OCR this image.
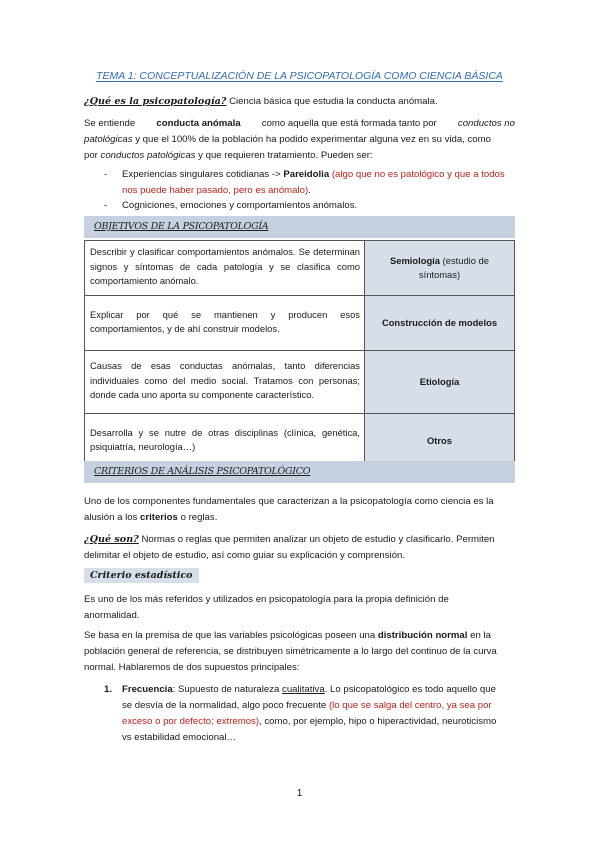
TEMA 1: CONCEPTUALIZACIÓN DE LA PSICOPATOLOGÍA COMO CIENCIA BÁSICA
¿Qué es la psicopatología? Ciencia básica que estudia la conducta anómala.
Se entiende conducta anómala como aquella que está formada tanto por conductos no
patológicas y que el 100% de la población ha podido experimentar alguna vez en su vida, como
por conductos patológicas y que requieren tratamiento. Pueden ser:
- Experiencias singulares cotidianas -> Pareidolia (algo que no es patológico y que a todos
nos puede haber pasado, pero es anómalo).
- Cogniciones, emociones y comportamientos anómalos.
OBJETIVOS DE LA PSICOPATOLOGÍA
Describir y clasificar comportamientos anómalos. Se determinan signos y síntomas de cada patología y se clasifica como comportamiento anómalo.	Semiología (estudio de síntomas)
Explicar por qué se mantienen y producen esos comportamientos, y de ahí construir modelos.	Construcción de modelos
Causas de esas conductas anómalas, tanto diferencias individuales como del medio social. Tratamos con personas; donde cada uno aporta su componente característico.	Etiología
Desarrolla y se nutre de otras disciplinas (clínica, genética, psiquiatría, neurología…)	Otros
CRITERIOS DE ANÁLISIS PSICOPATOLÓGICO
Uno de los componentes fundamentales que caracterizan a la psicopatología como ciencia es la
alusión a los criterios o reglas.
¿Qué son? Normas o reglas que permiten analizar un objeto de estudio y clasificarlo. Permiten
delimitar el objeto de estudio, así como guiar su explicación y comprensión.
Criterio estadístico
Es uno de los más referidos y utilizados en psicopatología para la propia definición de
anormalidad.
Se basa en la premisa de que las variables psicológicas poseen una distribución normal en la
población general de referencia, se distribuyen simétricamente a lo largo del continuo de la curva
normal. Hablaremos de dos supuestos principales:
1. Frecuencia: Supuesto de naturaleza cualitativa. Lo psicopatológico es todo aquello que
se desvía de la normalidad, algo poco frecuente (lo que se salga del centro, ya sea por
exceso o por defecto; extremos), como, por ejemplo, hipo o hiperactividad, neuroticismo
vs estabilidad emocional…
1
